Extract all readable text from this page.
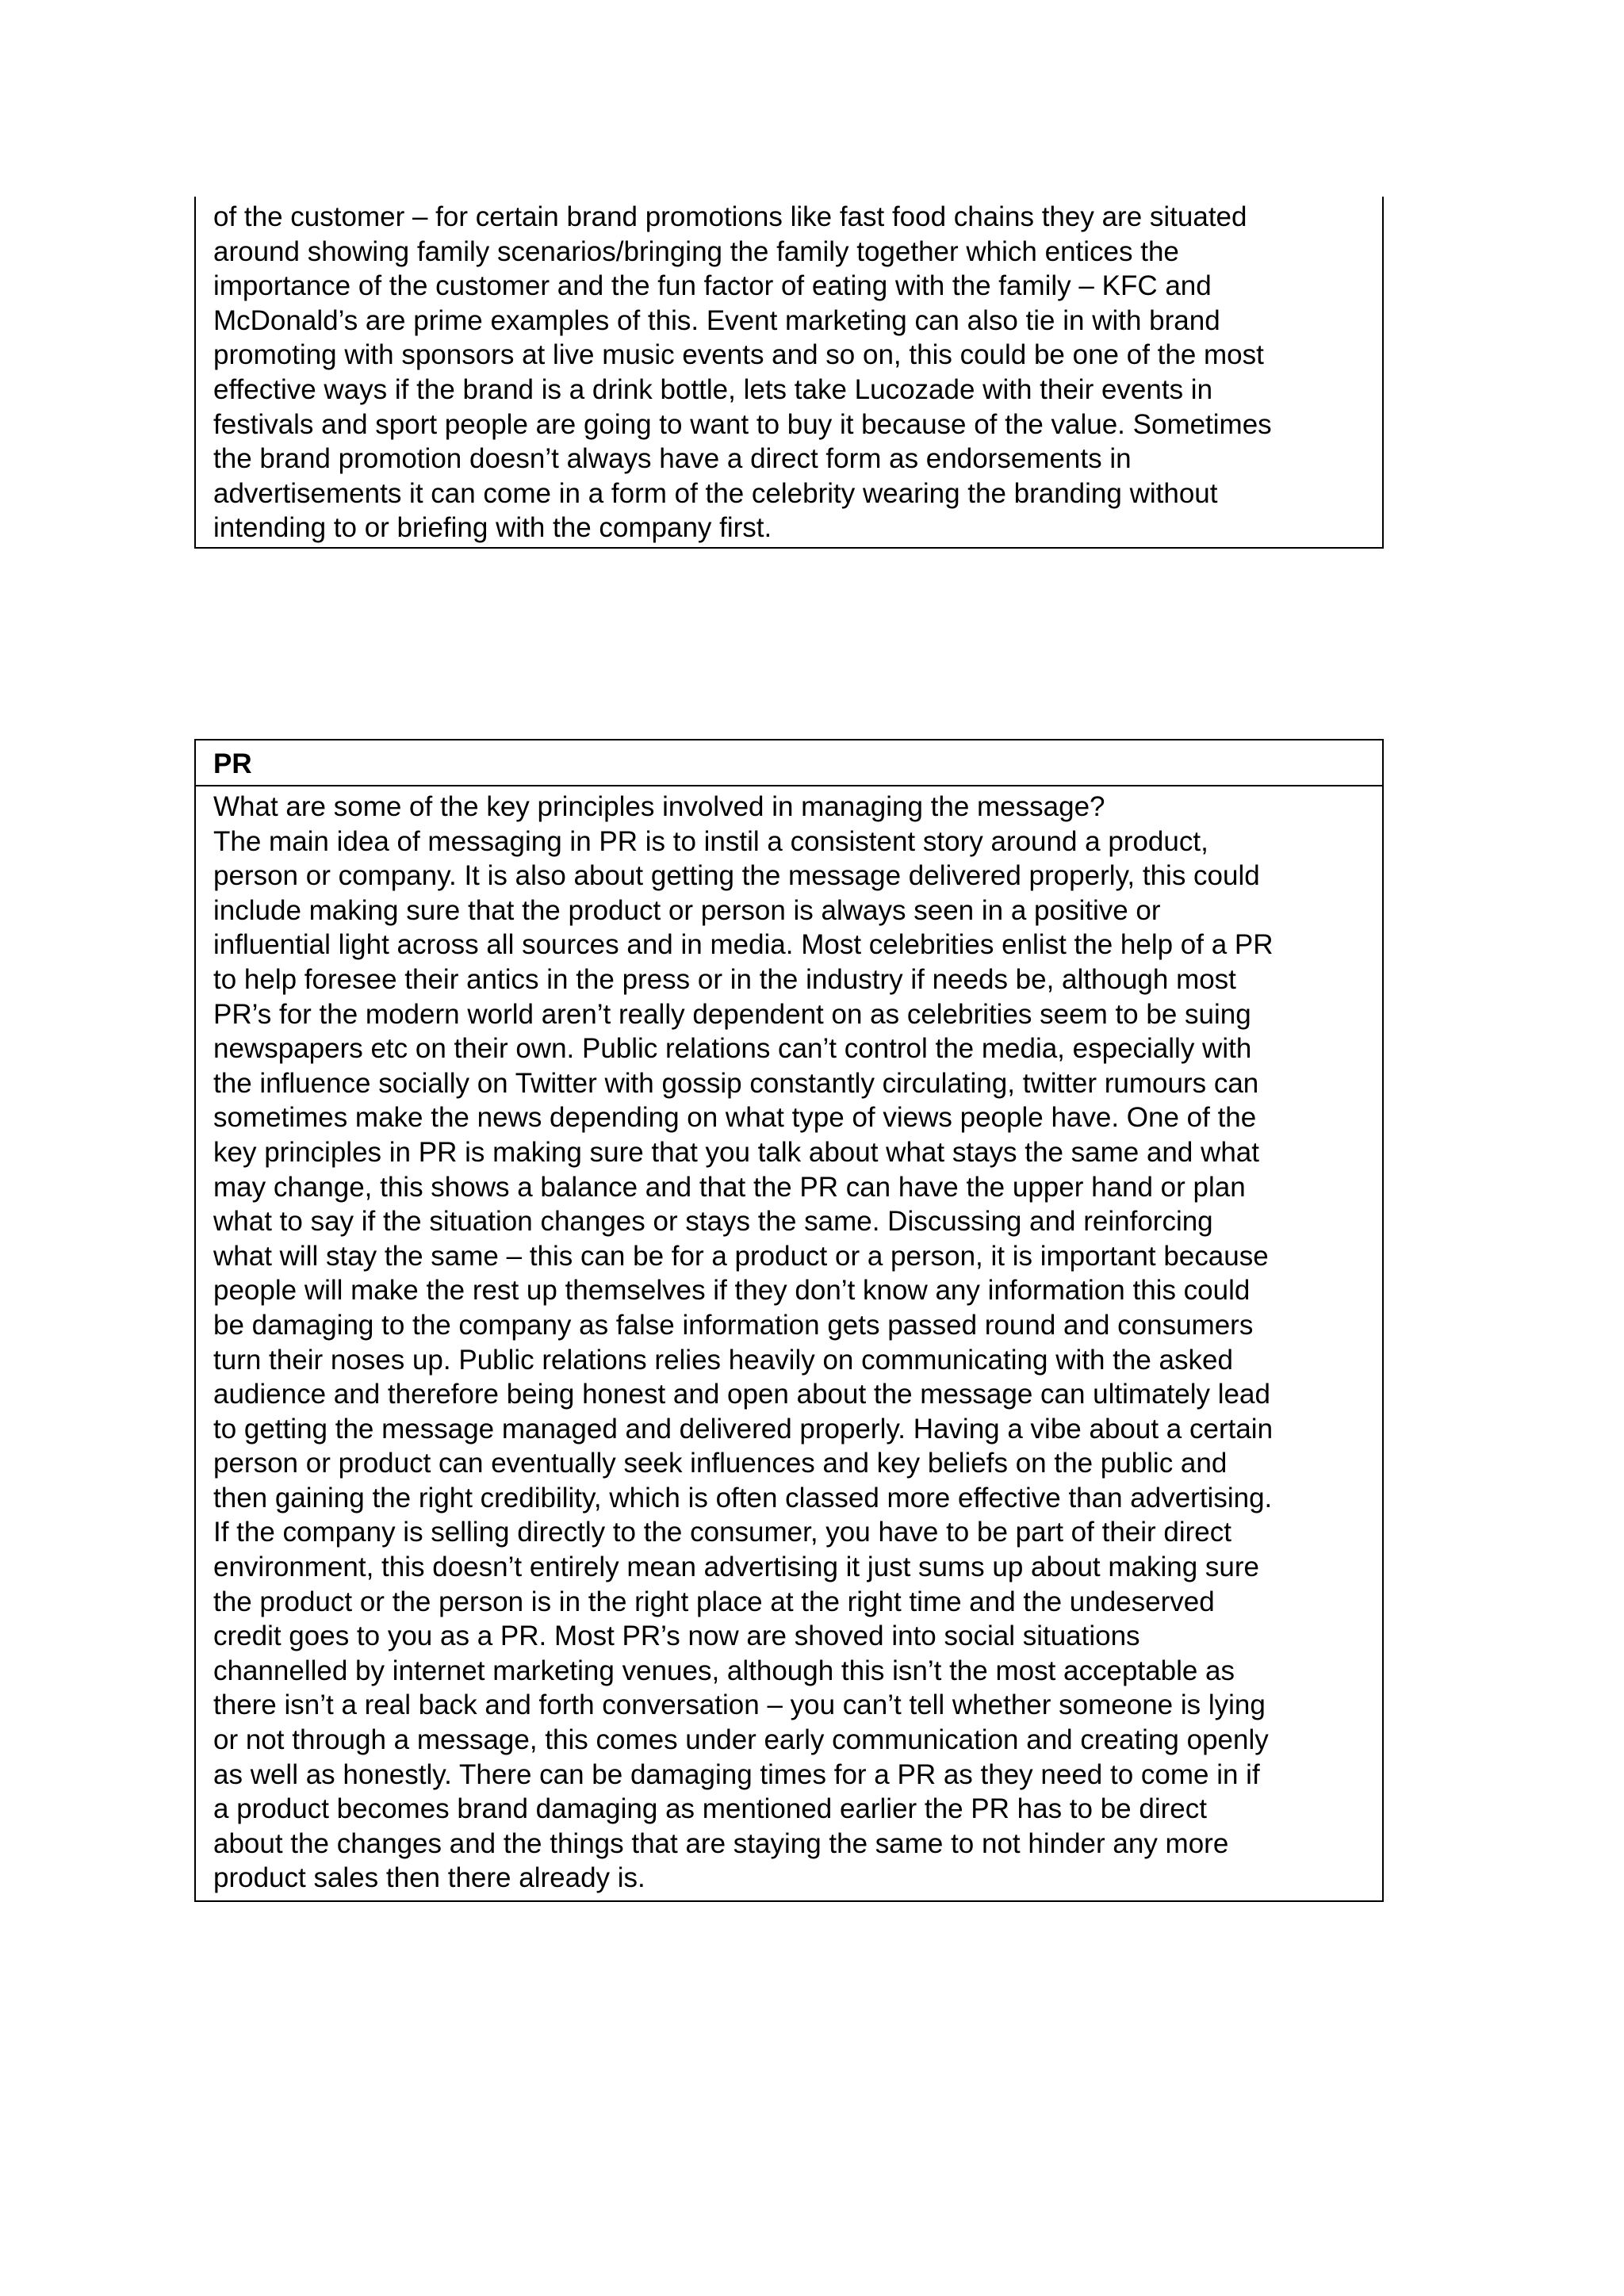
of the customer – for certain brand promotions like fast food chains they are situated
around showing family scenarios/bringing the family together which entices the
importance of the customer and the fun factor of eating with the family – KFC and
McDonald’s are prime examples of this. Event marketing can also tie in with brand
promoting with sponsors at live music events and so on, this could be one of the most
effective ways if the brand is a drink bottle, lets take Lucozade with their events in
festivals and sport people are going to want to buy it because of the value. Sometimes
the brand promotion doesn’t always have a direct form as endorsements in
advertisements it can come in a form of the celebrity wearing the branding without
intending to or briefing with the company first.
PR
What are some of the key principles involved in managing the message?
The main idea of messaging in PR is to instil a consistent story around a product,
person or company. It is also about getting the message delivered properly, this could
include making sure that the product or person is always seen in a positive or
influential light across all sources and in media. Most celebrities enlist the help of a PR
to help foresee their antics in the press or in the industry if needs be, although most
PR’s for the modern world aren’t really dependent on as celebrities seem to be suing
newspapers etc on their own. Public relations can’t control the media, especially with
the influence socially on Twitter with gossip constantly circulating, twitter rumours can
sometimes make the news depending on what type of views people have. One of the
key principles in PR is making sure that you talk about what stays the same and what
may change, this shows a balance and that the PR can have the upper hand or plan
what to say if the situation changes or stays the same. Discussing and reinforcing
what will stay the same – this can be for a product or a person, it is important because
people will make the rest up themselves if they don’t know any information this could
be damaging to the company as false information gets passed round and consumers
turn their noses up. Public relations relies heavily on communicating with the asked
audience and therefore being honest and open about the message can ultimately lead
to getting the message managed and delivered properly. Having a vibe about a certain
person or product can eventually seek influences and key beliefs on the public and
then gaining the right credibility, which is often classed more effective than advertising.
If the company is selling directly to the consumer, you have to be part of their direct
environment, this doesn’t entirely mean advertising it just sums up about making sure
the product or the person is in the right place at the right time and the undeserved
credit goes to you as a PR. Most PR’s now are shoved into social situations
channelled by internet marketing venues, although this isn’t the most acceptable as
there isn’t a real back and forth conversation – you can’t tell whether someone is lying
or not through a message, this comes under early communication and creating openly
as well as honestly. There can be damaging times for a PR as they need to come in if
a product becomes brand damaging as mentioned earlier the PR has to be direct
about the changes and the things that are staying the same to not hinder any more
product sales then there already is.
